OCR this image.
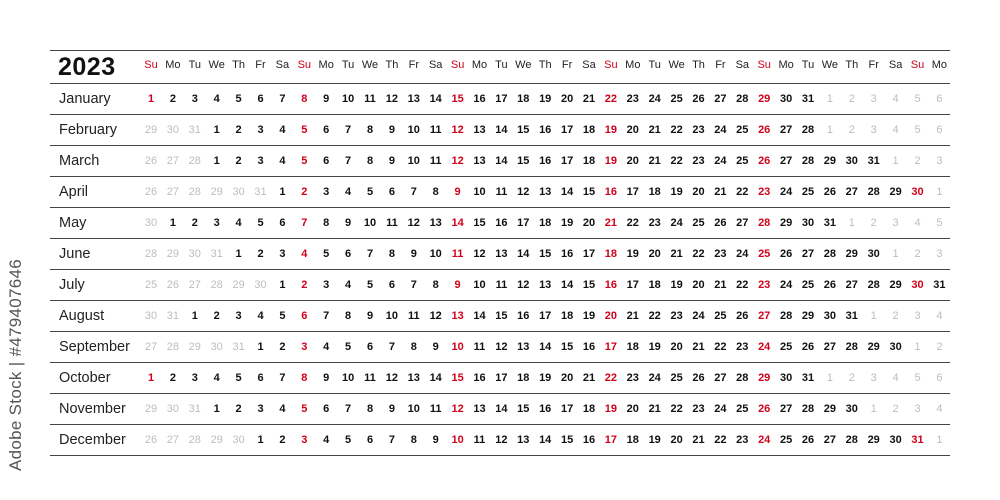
2023	Su Mo Tu We Th Fr Sa Su Mo Tu We Th Fr Sa Su Mo Tu We Th Fr Sa Su Mo Tu We Th Fr Sa Su Mo Tu We Th Fr Sa Su Mo
January	1	2	3	4	5	6	7	8	9	10 11 12 13 14 15 16 17 18 19 20 21 22 23 24 25 26 27 28 29 30 31	1	2	3	4	5	6
February	29 30 31	1	2	3	4	5	6	7	8	9	10 11 12 13 14 15 16 17 18 19 20 21 22 23 24 25 26 27 28	1	2	3	4	5	6
March	26 27 28	1	2	3	4	5	6	7	8	9	10 11 12 13 14 15 16 17 18 19 20 21 22 23 24 25 26 27 28 29 30 31	1	2	3
April	26 27 28 29 30 31	1	2	3	4	5	6	7	8	9	10 11 12 13 14 15 16 17 18 19 20 21 22 23 24 25 26 27 28 29 30	1
May	30	1	2	3	4	5	6	7	8	9	10 11 12 13 14 15 16 17 18 19 20 21 22 23 24 25 26 27 28 29 30 31	1	2	3	4	5
June	28 29 30 31	1	2	3	4	5	6	7	8	9	10 11 12 13 14 15 16 17 18 19 20 21 22 23 24 25 26 27 28 29 30	1	2	3
July	25 26 27 28 29 30	1	2	3	4	5	6	7	8	9	10 11 12 13 14 15 16 17 18 19 20 21 22 23 24 25 26 27 28 29 30 31
August	30 31	1	2	3	4	5	6	7	8	9	10 11 12 13 14 15 16 17 18 19 20 21 22 23 24 25 26 27 28 29 30 31	1	2	3	4
September	27 28 29 30 31	1	2	3	4	5	6	7	8	9	10 11 12 13 14 15 16 17 18 19 20 21 22 23 24 25 26 27 28 29 30	1	2
October	1	2	3	4	5	6	7	8	9	10 11 12 13 14 15 16 17 18 19 20 21 22 23 24 25 26 27 28 29 30 31	1	2	3	4	5	6
November	29 30 31	1	2	3	4	5	6	7	8	9	10 11 12 13 14 15 16 17 18 19 20 21 22 23 24 25 26 27 28 29 30	1	2	3	4
December	26 27 28 29 30	1	2	3	4	5	6	7	8	9	10 11 12 13 14 15 16 17 18 19 20 21 22 23 24 25 26 27 28 29 30 31	1
Adobe Stock | #479407646
